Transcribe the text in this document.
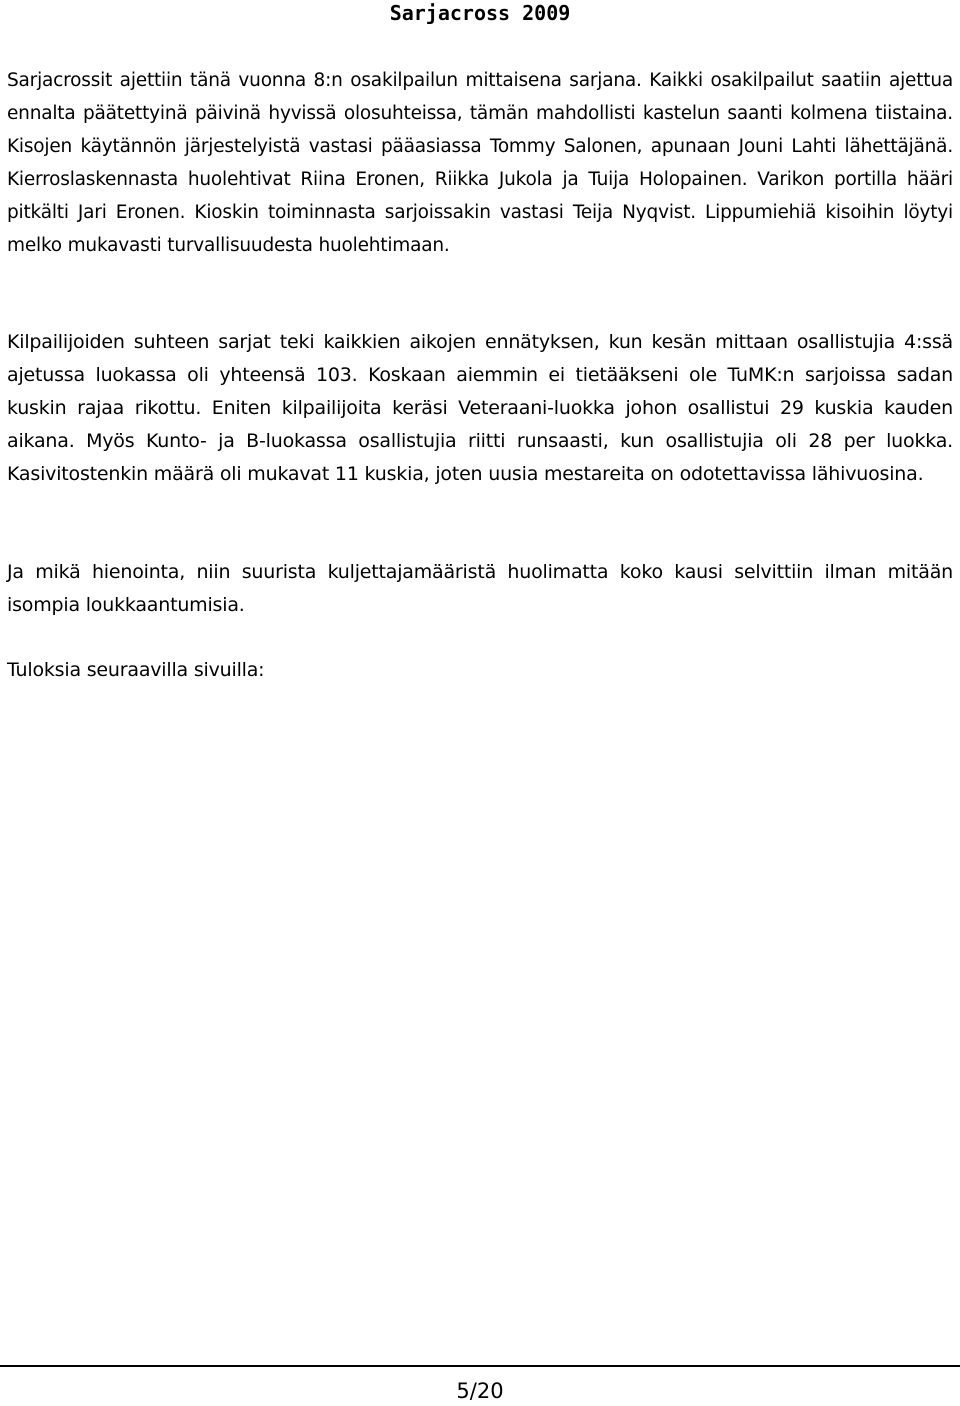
Sarjacross 2009

Sarjacrossit ajettiin tänä vuonna 8:n osakilpailun mittaisena sarjana. Kaikki osakilpailut saatiin ajettua ennalta päätettyinä päivinä hyvissä olosuhteissa, tämän mahdollisti kastelun saanti kolmena tiistaina. Kisojen käytännön järjestelyistä vastasi pääasiassa Tommy Salonen, apunaan Jouni Lahti lähettäjänä. Kierroslaskennasta huolehtivat Riina Eronen, Riikka Jukola ja Tuija Holopainen. Varikon portilla hääri pitkälti Jari Eronen. Kioskin toiminnasta sarjoissakin vastasi Teija Nyqvist. Lippumiehiä kisoihin löytyi melko mukavasti turvallisuudesta huolehtimaan.

Kilpailijoiden suhteen sarjat teki kaikkien aikojen ennätyksen, kun kesän mittaan osallistujia 4:ssä ajetussa luokassa oli yhteensä 103. Koskaan aiemmin ei tietääkseni ole TuMK:n sarjoissa sadan kuskin rajaa rikottu. Eniten kilpailijoita keräsi Veteraani-luokka johon osallistui 29 kuskia kauden aikana. Myös Kunto- ja B-luokassa osallistujia riitti runsaasti, kun osallistujia oli 28 per luokka. Kasivitostenkin määrä oli mukavat 11 kuskia, joten uusia mestareita on odotettavissa lähivuosina.

Ja mikä hienointa, niin suurista kuljettajamääristä huolimatta koko kausi selvittiin ilman mitään isompia loukkaantumisia.

Tuloksia seuraavilla sivuilla:

5/20
